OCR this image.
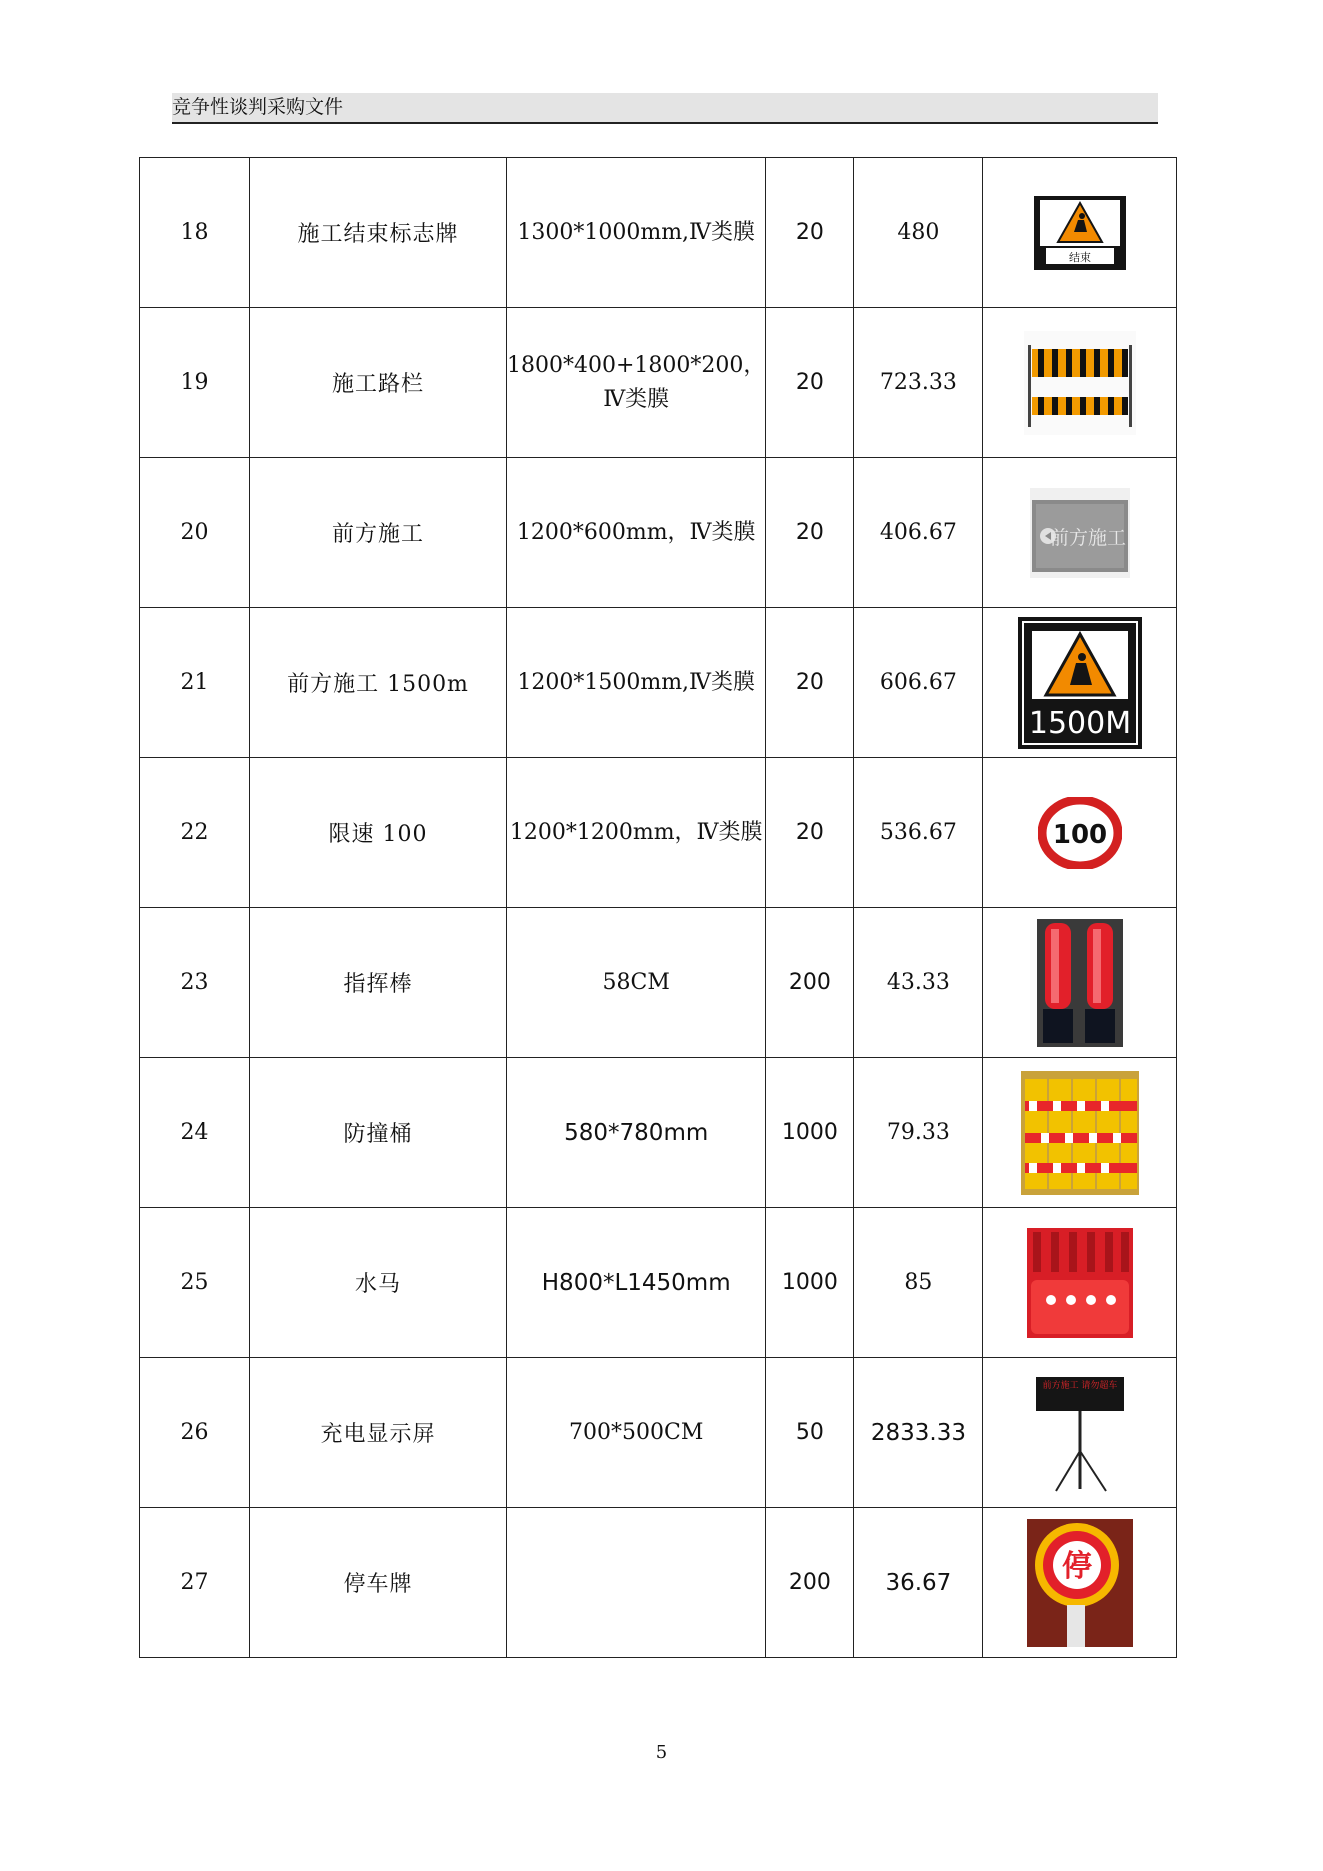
竞争性谈判采购文件
18	施工结束标志牌	1300*1000mm,Ⅳ类膜	20	480	结束

19	施工路栏	1800*400+1800*200，Ⅳ类膜	20	723.33	

20	前方施工	1200*600mm，Ⅳ类膜	20	406.67	前方施工

21	前方施工 1500m	1200*1500mm,Ⅳ类膜	20	606.67	1500M

22	限速 100	1200*1200mm，Ⅳ类膜	20	536.67	100

23	指挥棒	58CM	200	43.33	

24	防撞桶	580*780mm	1000	79.33	

25	水马	H800*L1450mm	1000	85	

26	充电显示屏	700*500CM	50	2833.33	前方施工 请勿超车

27	停车牌		200	36.67	停
5
